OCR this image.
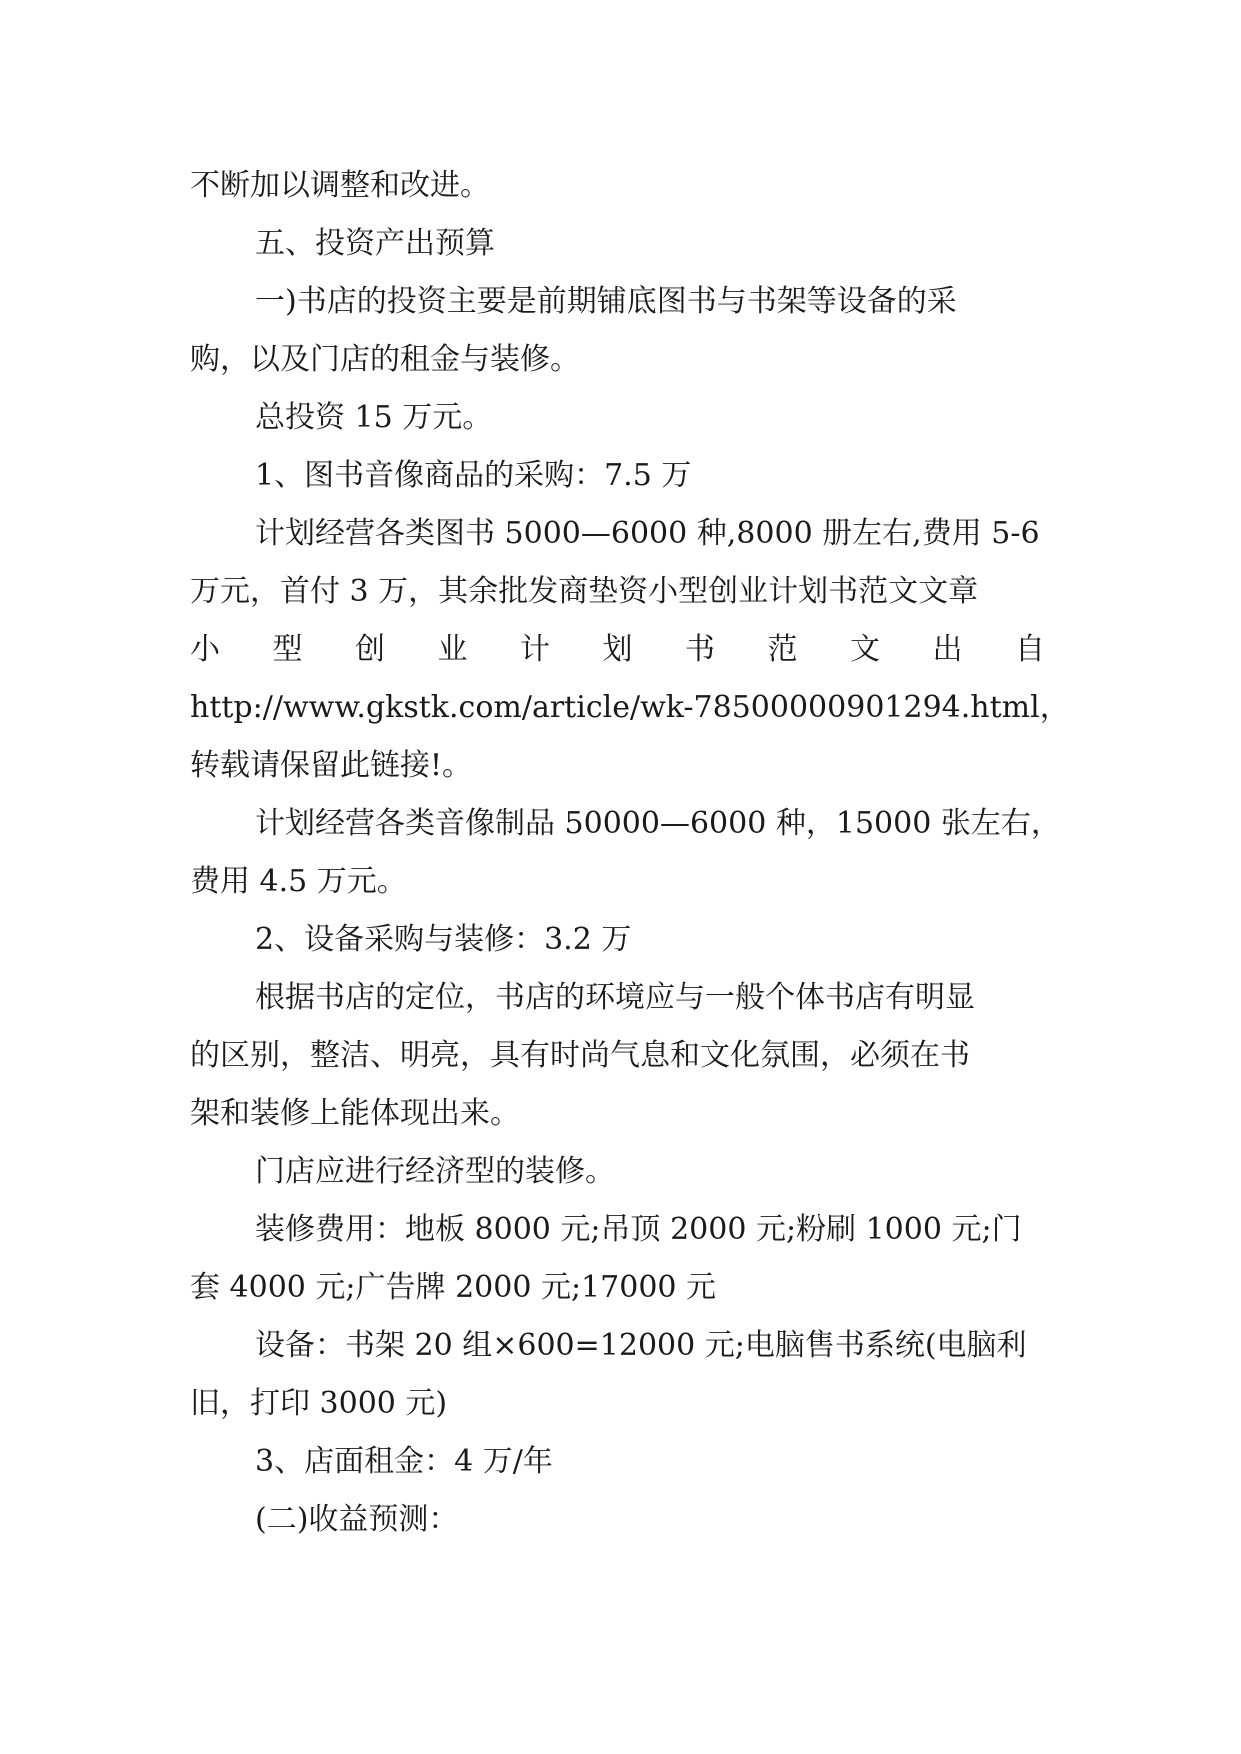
不断加以调整和改进。
五、投资产出预算
一)书店的投资主要是前期铺底图书与书架等设备的采
购，以及门店的租金与装修。
总投资 15 万元。
1、图书音像商品的采购：7.5 万
计划经营各类图书 5000—6000 种,8000 册左右,费用 5-6
万元，首付 3 万，其余批发商垫资小型创业计划书范文文章
小 型 创 业 计 划 书 范 文 出 自
http://www.gkstk.com/article/wk-78500000901294.html，
转载请保留此链接!。
计划经营各类音像制品 50000—6000 种，15000 张左右，
费用 4.5 万元。
2、设备采购与装修：3.2 万
根据书店的定位，书店的环境应与一般个体书店有明显
的区别，整洁、明亮，具有时尚气息和文化氛围，必须在书
架和装修上能体现出来。
门店应进行经济型的装修。
装修费用：地板 8000 元;吊顶 2000 元;粉刷 1000 元;门
套 4000 元;广告牌 2000 元;17000 元
设备：书架 20 组×600=12000 元;电脑售书系统(电脑利
旧，打印 3000 元)
3、店面租金：4 万/年
(二)收益预测：
